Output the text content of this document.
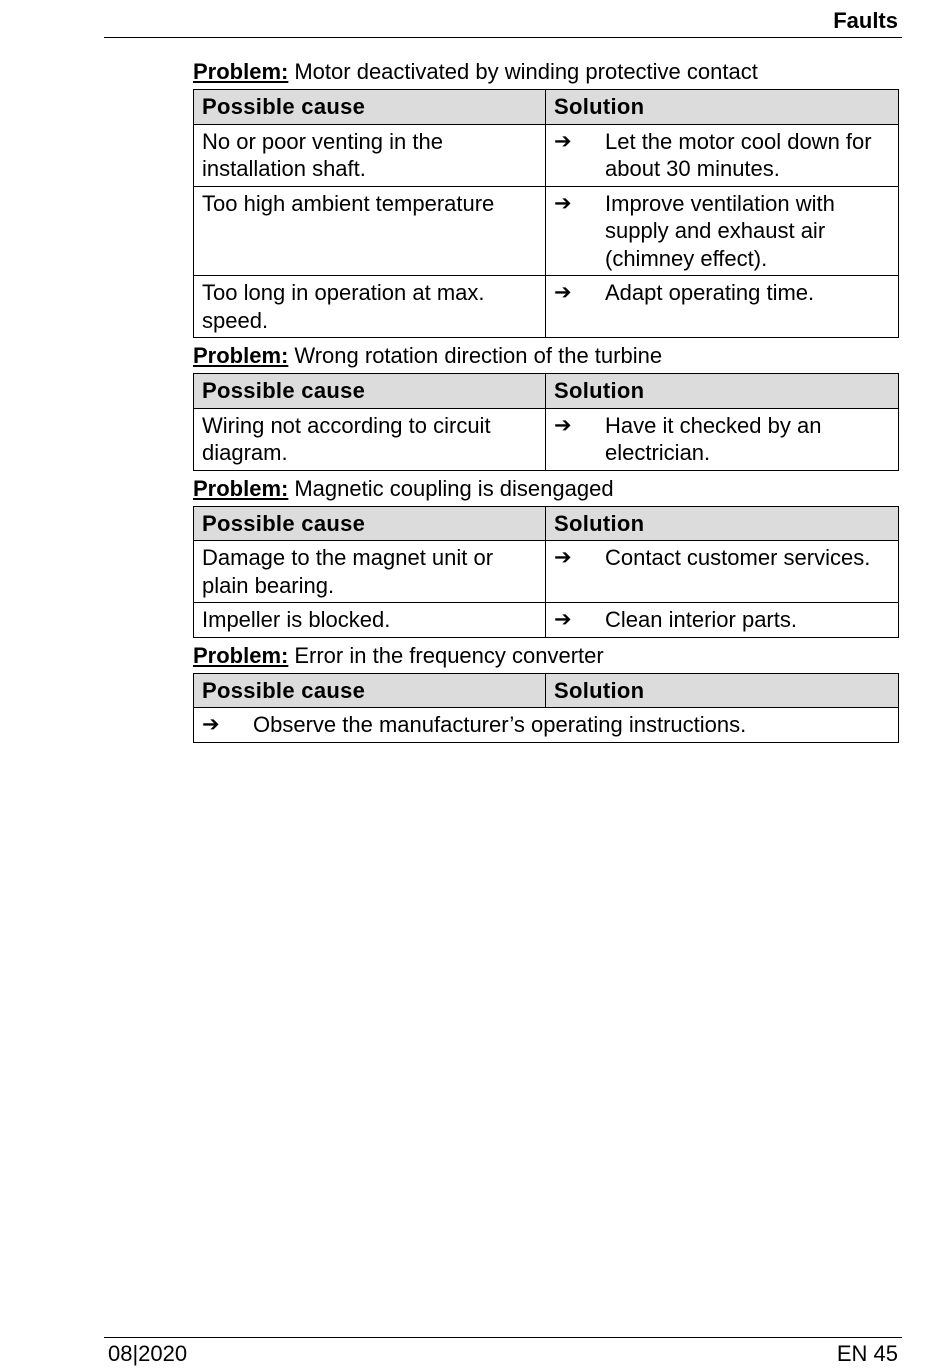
Faults
Problem: Motor deactivated by winding protective contact
Possible cause	Solution
No or poor venting in the installation shaft.	➔ Let the motor cool down for about 30 minutes.

Too high ambient temperature	➔ Improve ventilation with supply and exhaust air (chimney effect).

Too long in operation at max. speed.	➔ Adapt operating time.
Problem: Wrong rotation direction of the turbine
Possible cause	Solution
Wiring not according to circuit diagram.	➔ Have it checked by an electrician.
Problem: Magnetic coupling is disengaged
Possible cause	Solution
Damage to the magnet unit or plain bearing.	➔ Contact customer services.

Impeller is blocked.	➔ Clean interior parts.
Problem: Error in the frequency converter
Possible cause	Solution

➔	Observe the manufacturer’s operating instructions.
08|2020	EN 45
